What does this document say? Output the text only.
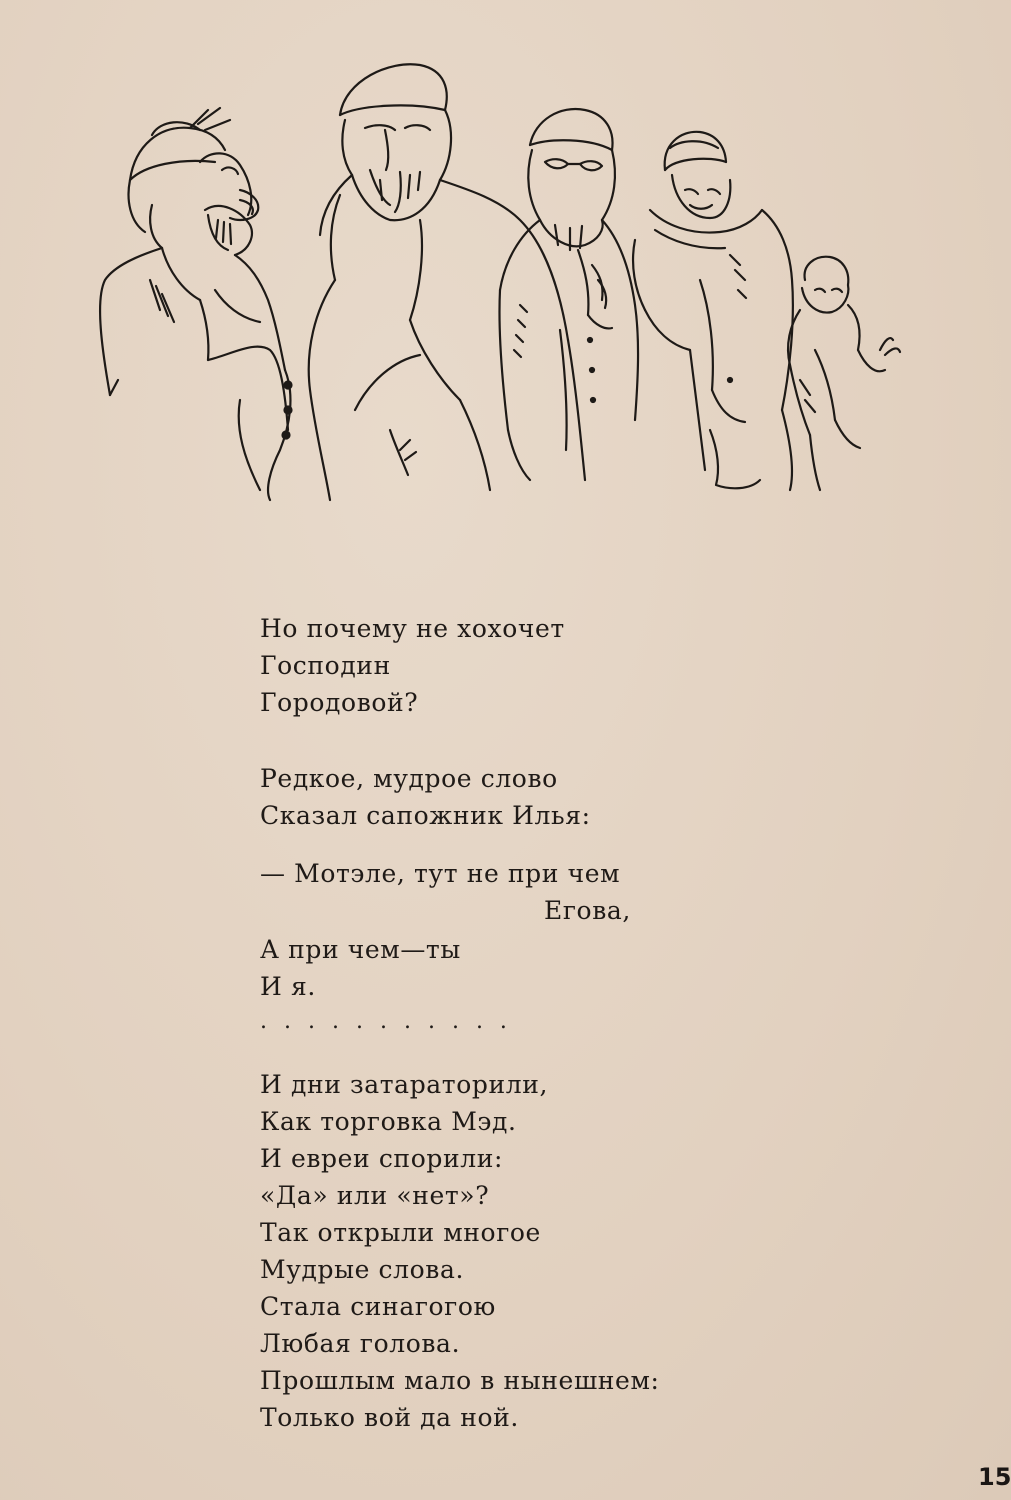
Но почему не хохочет
Господин
Городовой?
Редкое, мудрое слово
Сказал сапожник Илья:
— Мотэле, тут не при чем
Егова,
А при чем—ты
И я.
...........
И дни затараторили,
Как торговка Мэд.
И евреи спорили:
«Да» или «нет»?
Так открыли многое
Мудрые слова.
Стала синагогою
Любая голова.
Прошлым мало в нынешнем:
Только вой да ной.
15
